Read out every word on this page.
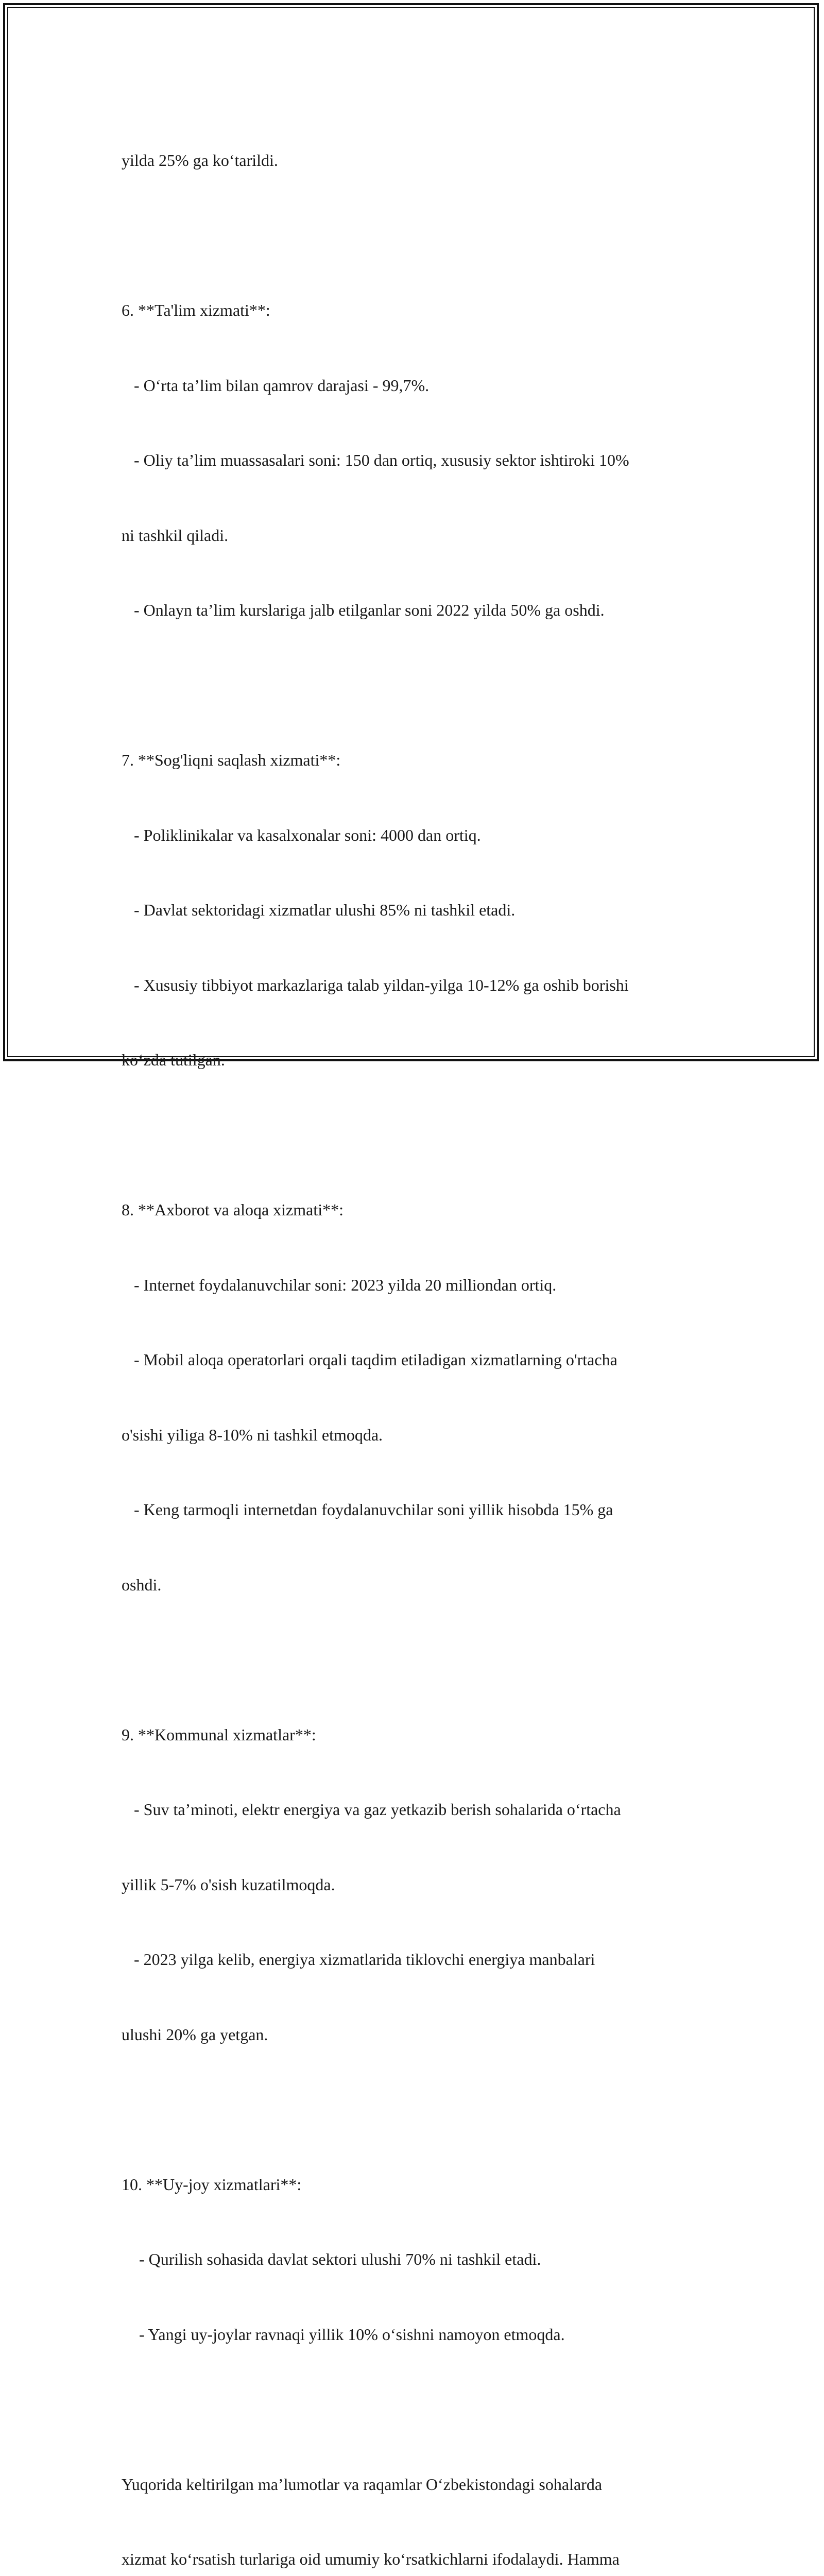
yilda 25% ga ko‘tarildi.

6. **Ta'lim xizmati**:

- O‘rta ta’lim bilan qamrov darajasi - 99,7%.

- Oliy ta’lim muassasalari soni: 150 dan ortiq, xususiy sektor ishtiroki 10%

ni tashkil qiladi.

- Onlayn ta’lim kurslariga jalb etilganlar soni 2022 yilda 50% ga oshdi.

7. **Sog'liqni saqlash xizmati**:

- Poliklinikalar va kasalxonalar soni: 4000 dan ortiq.

- Davlat sektoridagi xizmatlar ulushi 85% ni tashkil etadi.

- Xususiy tibbiyot markazlariga talab yildan-yilga 10-12% ga oshib borishi

ko‘zda tutilgan.

8. **Axborot va aloqa xizmati**:

- Internet foydalanuvchilar soni: 2023 yilda 20 milliondan ortiq.

- Mobil aloqa operatorlari orqali taqdim etiladigan xizmatlarning o'rtacha

o'sishi yiliga 8-10% ni tashkil etmoqda.

- Keng tarmoqli internetdan foydalanuvchilar soni yillik hisobda 15% ga

oshdi.

9. **Kommunal xizmatlar**:

- Suv ta’minoti, elektr energiya va gaz yetkazib berish sohalarida o‘rtacha

yillik 5-7% o'sish kuzatilmoqda.

- 2023 yilga kelib, energiya xizmatlarida tiklovchi energiya manbalari

ulushi 20% ga yetgan.

10. **Uy-joy xizmatlari**:

- Qurilish sohasida davlat sektori ulushi 70% ni tashkil etadi.

- Yangi uy-joylar ravnaqi yillik 10% o‘sishni namoyon etmoqda.

Yuqorida keltirilgan ma’lumotlar va raqamlar O‘zbekistondagi sohalarda

xizmat ko‘rsatish turlariga oid umumiy ko‘rsatkichlarni ifodalaydi. Hamma
